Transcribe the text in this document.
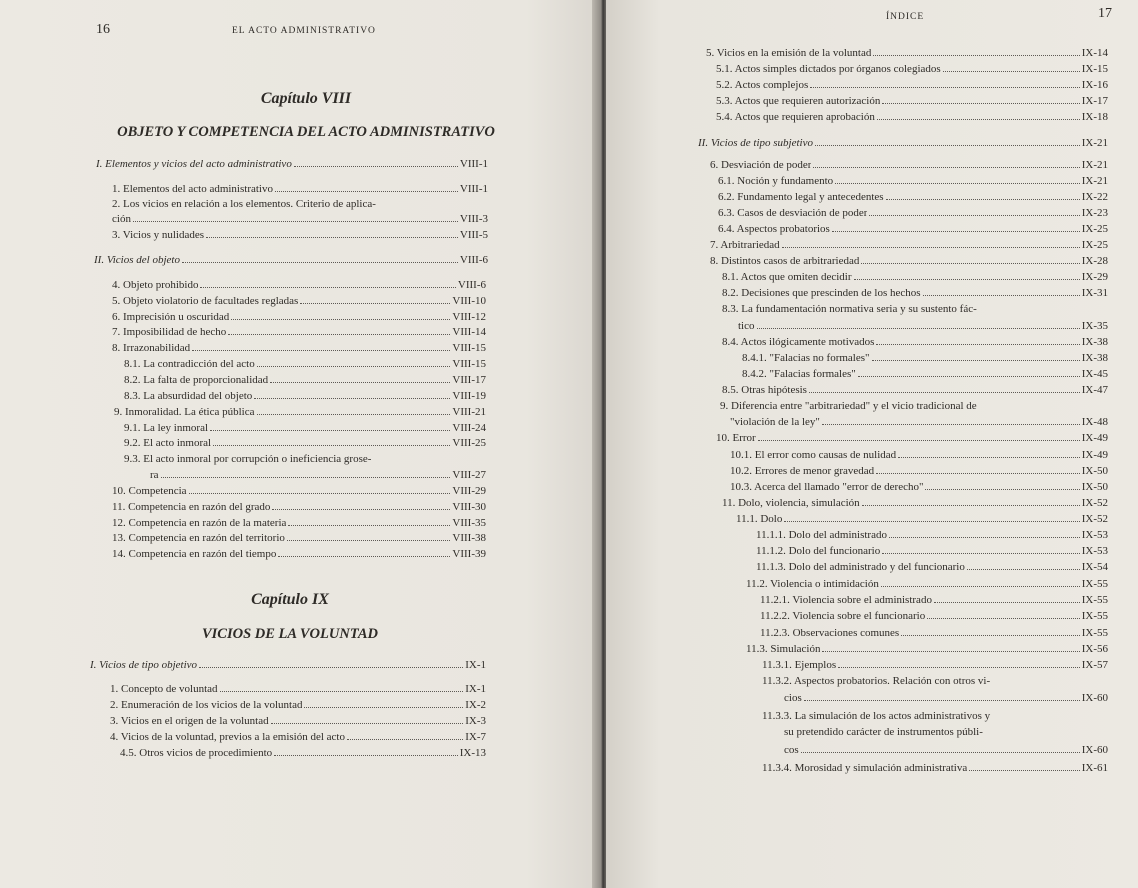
16	EL ACTO ADMINISTRATIVO
Capítulo VIII
OBJETO Y COMPETENCIA DEL ACTO ADMINISTRATIVO
Capítulo IX
VICIOS DE LA VOLUNTAD
I. Elementos y vicios del acto administrativo	VIII-1
1. Elementos del acto administrativo	VIII-1
2. Los vicios en relación a los elementos. Criterio de aplica-
ción	VIII-3
3. Vicios y nulidades	VIII-5
II. Vicios del objeto	VIII-6
4. Objeto prohibido	VIII-6
5. Objeto violatorio de facultades regladas	VIII-10
6. Imprecisión u oscuridad	VIII-12
7. Imposibilidad de hecho	VIII-14
8. Irrazonabilidad	VIII-15
8.1. La contradicción del acto	VIII-15
8.2. La falta de proporcionalidad	VIII-17
8.3. La absurdidad del objeto	VIII-19
9. Inmoralidad. La ética pública	VIII-21
9.1. La ley inmoral	VIII-24
9.2. El acto inmoral	VIII-25
9.3. El acto inmoral por corrupción o ineficiencia grose-
ra	VIII-27
10. Competencia	VIII-29
11. Competencia en razón del grado	VIII-30
12. Competencia en razón de la materia	VIII-35
13. Competencia en razón del territorio	VIII-38
14. Competencia en razón del tiempo	VIII-39
I. Vicios de tipo objetivo	IX-1
1. Concepto de voluntad	IX-1
2. Enumeración de los vicios de la voluntad	IX-2
3. Vicios en el origen de la voluntad	IX-3
4. Vicios de la voluntad, previos a la emisión del acto	IX-7
4.5. Otros vicios de procedimiento	IX-13
ÍNDICE	17
5. Vicios en la emisión de la voluntad	IX-14
5.1. Actos simples dictados por órganos colegiados	IX-15
5.2. Actos complejos	IX-16
5.3. Actos que requieren autorización	IX-17
5.4. Actos que requieren aprobación	IX-18
II. Vicios de tipo subjetivo	IX-21
6. Desviación de poder	IX-21
6.1. Noción y fundamento	IX-21
6.2. Fundamento legal y antecedentes	IX-22
6.3. Casos de desviación de poder	IX-23
6.4. Aspectos probatorios	IX-25
7. Arbitrariedad	IX-25
8. Distintos casos de arbitrariedad	IX-28
8.1. Actos que omiten decidir	IX-29
8.2. Decisiones que prescinden de los hechos	IX-31
8.3. La fundamentación normativa seria y su sustento fác-
tico	IX-35
8.4. Actos ilógicamente motivados	IX-38
8.4.1. "Falacias no formales"	IX-38
8.4.2. "Falacias formales"	IX-45
8.5. Otras hipótesis	IX-47
9. Diferencia entre "arbitrariedad" y el vicio tradicional de
"violación de la ley"	IX-48
10. Error	IX-49
10.1. El error como causas de nulidad	IX-49
10.2. Errores de menor gravedad	IX-50
10.3. Acerca del llamado "error de derecho"	IX-50
11. Dolo, violencia, simulación	IX-52
11.1. Dolo	IX-52
11.1.1. Dolo del administrado	IX-53
11.1.2. Dolo del funcionario	IX-53
11.1.3. Dolo del administrado y del funcionario	IX-54
11.2. Violencia o intimidación	IX-55
11.2.1. Violencia sobre el administrado	IX-55
11.2.2. Violencia sobre el funcionario	IX-55
11.2.3. Observaciones comunes	IX-55
11.3. Simulación	IX-56
11.3.1. Ejemplos	IX-57
11.3.2. Aspectos probatorios. Relación con otros vi-
cios	IX-60
11.3.3. La simulación de los actos administrativos y
su pretendido carácter de instrumentos públi-
cos	IX-60
11.3.4. Morosidad y simulación administrativa	IX-61
